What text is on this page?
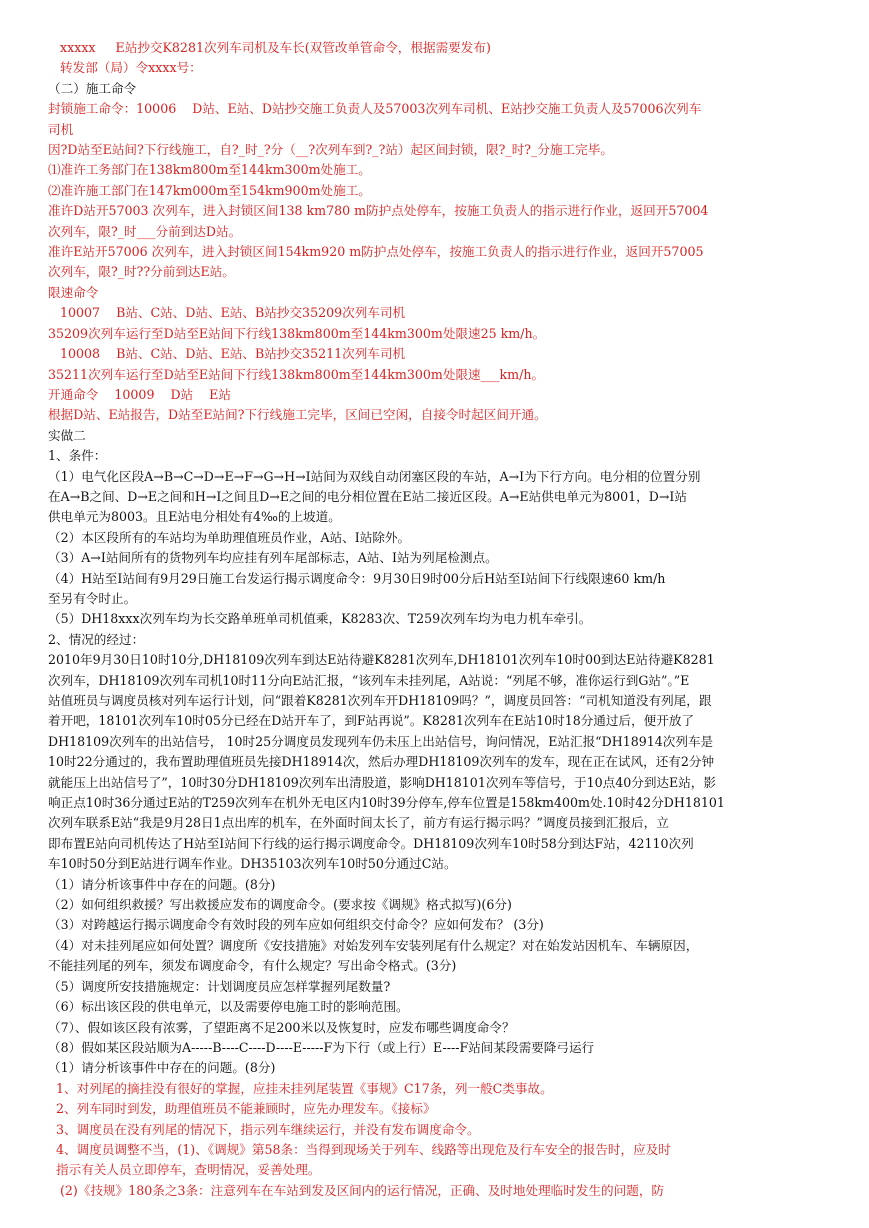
xxxxx     E站抄交K8281次列车司机及车长(双管改单管命令，根据需要发布)
转发部（局）令xxxx号：
（二）施工命令
封锁施工命令：10006    D站、E站、D站抄交施工负责人及57003次列车司机、E站抄交施工负责人及57006次列车
司机
因?D站至E站间?下行线施工，自?_时_?分（__?次列车到?_?站）起区间封锁，限?_时?_分施工完毕。
⑴准许工务部门在138km800m至144km300m处施工。
⑵准许施工部门在147km000m至154km900m处施工。
准许D站开57003 次列车，进入封锁区间138 km780 m防护点处停车，按施工负责人的指示进行作业，返回开57004
次列车，限?_时___分前到达D站。
准许E站开57006 次列车，进入封锁区间154km920 m防护点处停车，按施工负责人的指示进行作业，返回开57005
次列车，限?_时??分前到达E站。
限速命令
10007    B站、C站、D站、E站、B站抄交35209次列车司机
35209次列车运行至D站至E站间下行线138km800m至144km300m处限速25 km/h。
10008    B站、C站、D站、E站、B站抄交35211次列车司机
35211次列车运行至D站至E站间下行线138km800m至144km300m处限速___km/h。
开通命令    10009    D站    E站
根据D站、E站报告，D站至E站间?下行线施工完毕，区间已空闲，自接令时起区间开通。
实做二
1、条件：
（1）电气化区段A→B→C→D→E→F→G→H→I站间为双线自动闭塞区段的车站，A→I为下行方向。电分相的位置分别
在A→B之间、D→E之间和H→I之间且D→E之间的电分相位置在E站二接近区段。A→E站供电单元为8001，D→I站
供电单元为8003。且E站电分相处有4‰的上坡道。
（2）本区段所有的车站均为单助理值班员作业，A站、I站除外。
（3）A→I站间所有的货物列车均应挂有列车尾部标志，A站、I站为列尾检测点。
（4）H站至I站间有9月29日施工台发运行揭示调度命令：9月30日9时00分后H站至I站间下行线限速60 km/h
至另有令时止。
（5）DH18xxx次列车均为长交路单班单司机值乘，K8283次、T259次列车均为电力机车牵引。
2、情况的经过：
2010年9月30日10时10分,DH18109次列车到达E站待避K8281次列车,DH18101次列车10时00到达E站待避K8281
次列车，DH18109次列车司机10时11分向E站汇报，“该列车未挂列尾，A站说：“列尾不够，准你运行到G站”。”E
站值班员与调度员核对列车运行计划，问“跟着K8281次列车开DH18109吗？”，调度员回答：“司机知道没有列尾，跟
着开吧，18101次列车10时05分已经在D站开车了，到F站再说”。K8281次列车在E站10时18分通过后，便开放了
DH18109次列车的出站信号， 10时25分调度员发现列车仍未压上出站信号，询问情况，E站汇报“DH18914次列车是
10时22分通过的，我布置助理值班员先接DH18914次，然后办理DH18109次列车的发车，现在正在试风，还有2分钟
就能压上出站信号了”，10时30分DH18109次列车出清股道，影响DH18101次列车等信号，于10点40分到达E站，影
响正点10时36分通过E站的T259次列车在机外无电区内10时39分停车,停车位置是158km400m处.10时42分DH18101
次列车联系E站“我是9月28日1点出库的机车，在外面时间太长了，前方有运行揭示吗？”调度员接到汇报后，立
即布置E站向司机传达了H站至I站间下行线的运行揭示调度命令。DH18109次列车10时58分到达F站，42110次列
车10时50分到E站进行调车作业。DH35103次列车10时50分通过C站。
（1）请分析该事件中存在的问题。(8分)
（2）如何组织救援？写出救援应发布的调度命令。(要求按《调规》格式拟写)(6分)
（3）对跨越运行揭示调度命令有效时段的列车应如何组织交付命令？应如何发布？ (3分)
（4）对未挂列尾应如何处置？调度所《安技措施》对始发列车安装列尾有什么规定？对在始发站因机车、车辆原因，
不能挂列尾的列车，须发布调度命令，有什么规定？写出命令格式。(3分)
（5）调度所安技措施规定：计划调度员应怎样掌握列尾数量?
（6）标出该区段的供电单元，以及需要停电施工时的影响范围。
（7）、假如该区段有浓雾，了望距离不足200米以及恢复时，应发布哪些调度命令？
（8）假如某区段站顺为A-----B----C----D----E-----F为下行（或上行）E----F站间某段需要降弓运行
（1）请分析该事件中存在的问题。(8分)
1、对列尾的摘挂没有很好的掌握，应挂未挂列尾装置《事规》C17条，列一般C类事故。
2、列车同时到发，助理值班员不能兼顾时，应先办理发车。《接标》
3、调度员在没有列尾的情况下，指示列车继续运行，并没有发布调度命令。
4、调度员调整不当，(1)、《调规》第58条：当得到现场关于列车、线路等出现危及行车安全的报告时，应及时
指示有关人员立即停车，查明情况，妥善处理。
(2)《技规》180条之3条：注意列车在车站到发及区间内的运行情况，正确、及时地处理临时发生的问题，防
